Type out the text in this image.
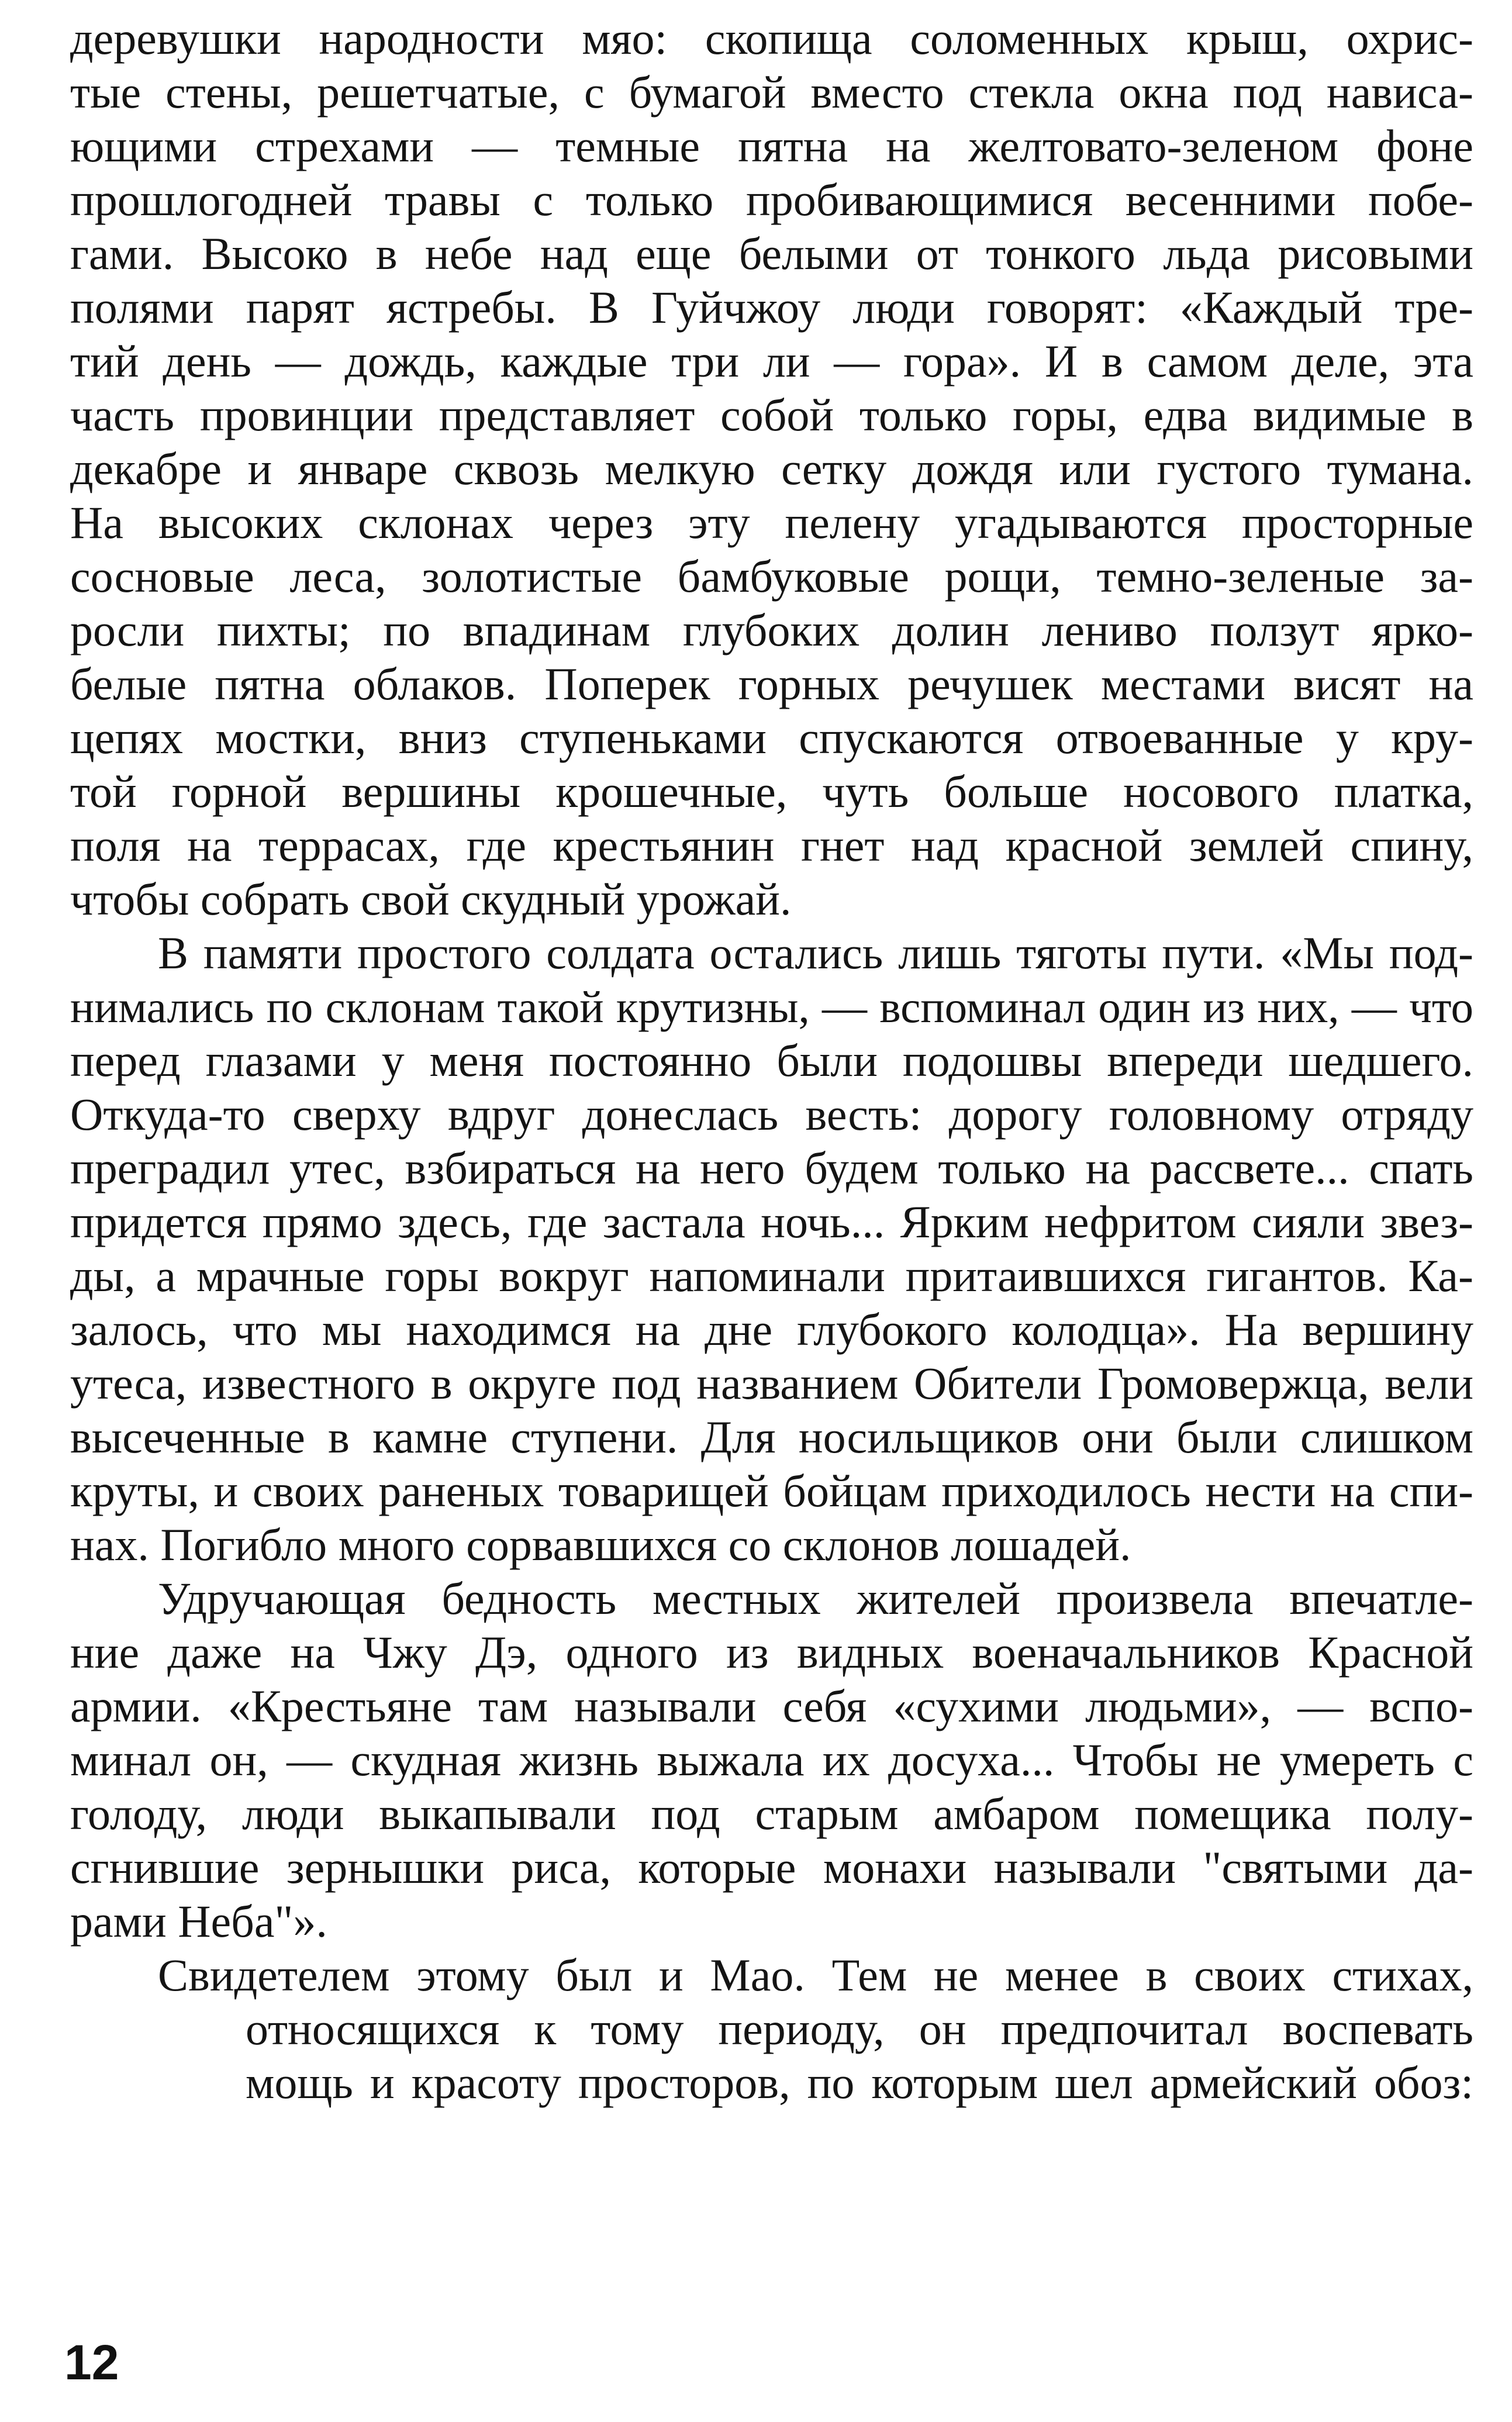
деревушки народности мяо: скопища соломенных крыш, охрис-
тые стены, решетчатые, с бумагой вместо стекла окна под нависа-
ющими стрехами — темные пятна на желтовато-зеленом фоне
прошлогодней травы с только пробивающимися весенними побе-
гами. Высоко в небе над еще белыми от тонкого льда рисовыми
полями парят ястребы. В Гуйчжоу люди говорят: «Каждый тре-
тий день — дождь, каждые три ли — гора». И в самом деле, эта
часть провинции представляет собой только горы, едва видимые в
декабре и январе сквозь мелкую сетку дождя или густого тумана.
На высоких склонах через эту пелену угадываются просторные
сосновые леса, золотистые бамбуковые рощи, темно-зеленые за-
росли пихты; по впадинам глубоких долин лениво ползут ярко-
белые пятна облаков. Поперек горных речушек местами висят на
цепях мостки, вниз ступеньками спускаются отвоеванные у кру-
той горной вершины крошечные, чуть больше носового платка,
поля на террасах, где крестьянин гнет над красной землей спину,
чтобы собрать свой скудный урожай.
В памяти простого солдата остались лишь тяготы пути. «Мы под-
нимались по склонам такой крутизны, — вспоминал один из них, — что
перед глазами у меня постоянно были подошвы впереди шедшего.
Откуда-то сверху вдруг донеслась весть: дорогу головному отряду
преградил утес, взбираться на него будем только на рассвете... спать
придется прямо здесь, где застала ночь... Ярким нефритом сияли звез-
ды, а мрачные горы вокруг напоминали притаившихся гигантов. Ка-
залось, что мы находимся на дне глубокого колодца». На вершину
утеса, известного в округе под названием Обители Громовержца, вели
высеченные в камне ступени. Для носильщиков они были слишком
круты, и своих раненых товарищей бойцам приходилось нести на спи-
нах. Погибло много сорвавшихся со склонов лошадей.
Удручающая бедность местных жителей произвела впечатле-
ние даже на Чжу Дэ, одного из видных военачальников Красной
армии. «Крестьяне там называли себя «сухими людьми», — вспо-
минал он, — скудная жизнь выжала их досуха... Чтобы не умереть с
голоду, люди выкапывали под старым амбаром помещика полу-
сгнившие зернышки риса, которые монахи называли "святыми да-
рами Неба"».
Свидетелем этому был и Мао. Тем не менее в своих стихах,
относящихся к тому периоду, он предпочитал воспевать
мощь и красоту просторов, по которым шел армейский обоз:
12
